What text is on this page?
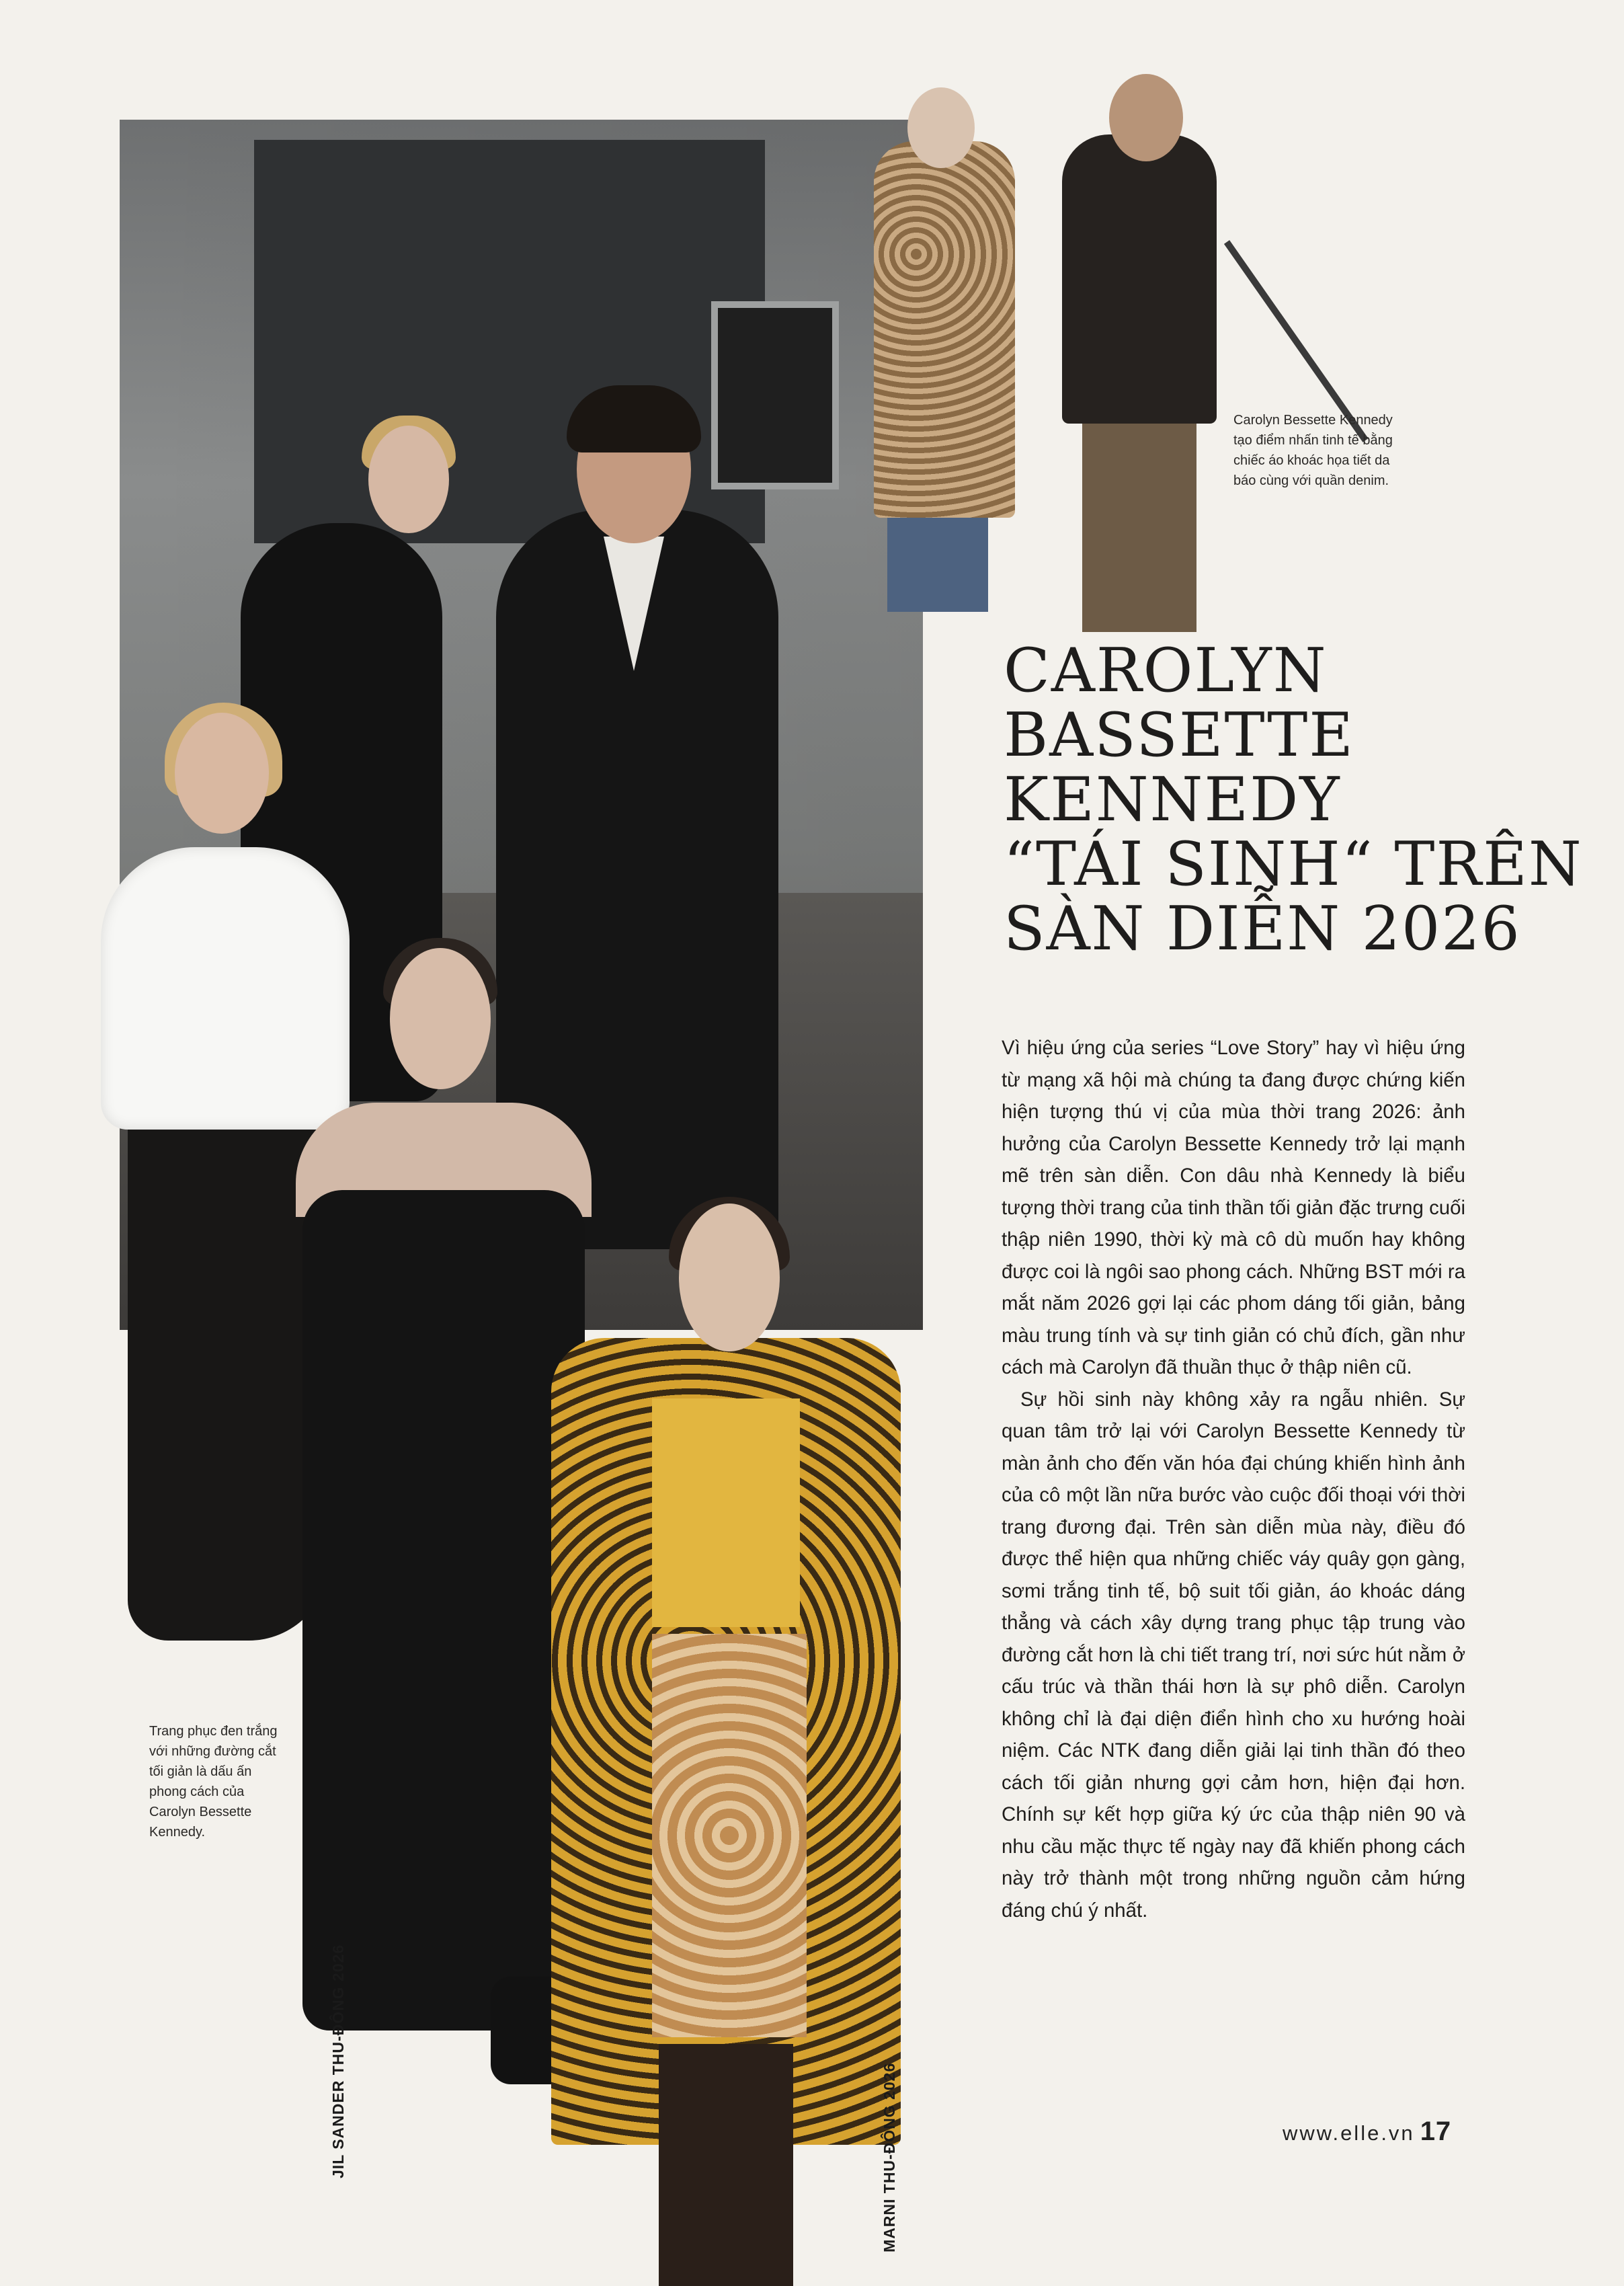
Carolyn Bessette Kennedy tạo điểm nhấn tinh tế bằng chiếc áo khoác họa tiết da báo cùng với quần denim.
Trang phục đen trắng với những đường cắt tối giản là dấu ấn phong cách của Carolyn Bessette Kennedy.
JIL SANDER THU-ĐÔNG 2026	MARNI THU-ĐÔNG 2026
CAROLYN
BASSETTE
KENNEDY
“TÁI SINH“ TRÊN
SÀN DIỄN 2026

Vì hiệu ứng của series “Love Story” hay vì hiệu ứng từ mạng xã hội mà chúng ta đang được chứng kiến hiện tượng thú vị của mùa thời trang 2026: ảnh hưởng của Carolyn Bessette Kennedy trở lại mạnh mẽ trên sàn diễn. Con dâu nhà Kennedy là biểu tượng thời trang của tinh thần tối giản đặc trưng cuối thập niên 1990, thời kỳ mà cô dù muốn hay không được coi là ngôi sao phong cách. Những BST mới ra mắt năm 2026 gợi lại các phom dáng tối giản, bảng màu trung tính và sự tinh giản có chủ đích, gần như cách mà Carolyn đã thuần thục ở thập niên cũ.

Sự hồi sinh này không xảy ra ngẫu nhiên. Sự quan tâm trở lại với Carolyn Bessette Kennedy từ màn ảnh cho đến văn hóa đại chúng khiến hình ảnh của cô một lần nữa bước vào cuộc đối thoại với thời trang đương đại. Trên sàn diễn mùa này, điều đó được thể hiện qua những chiếc váy quây gọn gàng, sơmi trắng tinh tế, bộ suit tối giản, áo khoác dáng thẳng và cách xây dựng trang phục tập trung vào đường cắt hơn là chi tiết trang trí, nơi sức hút nằm ở cấu trúc và thần thái hơn là sự phô diễn. Carolyn không chỉ là đại diện điển hình cho xu hướng hoài niệm. Các NTK đang diễn giải lại tinh thần đó theo cách tối giản nhưng gợi cảm hơn, hiện đại hơn. Chính sự kết hợp giữa ký ức của thập niên 90 và nhu cầu mặc thực tế ngày nay đã khiến phong cách này trở thành một trong những nguồn cảm hứng đáng chú ý nhất.

www.elle.vn 17
